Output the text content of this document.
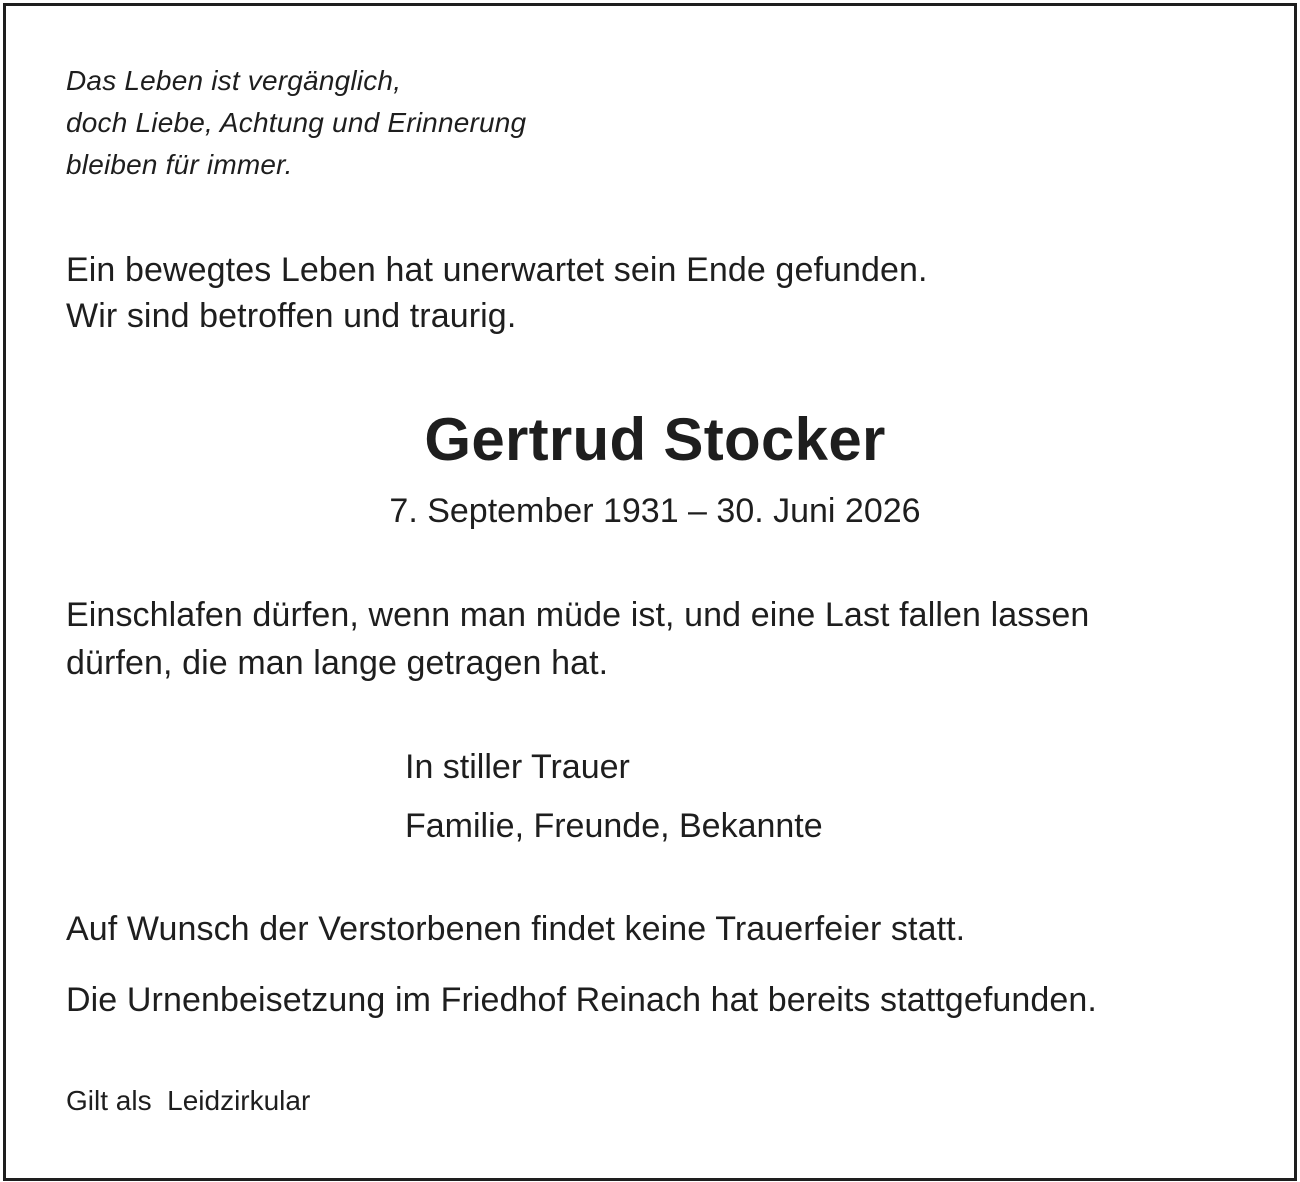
Das Leben ist vergänglich,

doch Liebe, Achtung und Erinnerung

bleiben für immer.

Ein bewegtes Leben hat unerwartet sein Ende gefunden.

Wir sind betroffen und traurig.

Gertrud Stocker

7. September 1931 – 30. Juni 2026

Einschlafen dürfen, wenn man müde ist, und eine Last fallen lassen

dürfen, die man lange getragen hat.

In stiller Trauer

Familie, Freunde, Bekannte

Auf Wunsch der Verstorbenen findet keine Trauerfeier statt.

Die Urnenbeisetzung im Friedhof Reinach hat bereits stattgefunden.

Gilt als  Leidzirkular
